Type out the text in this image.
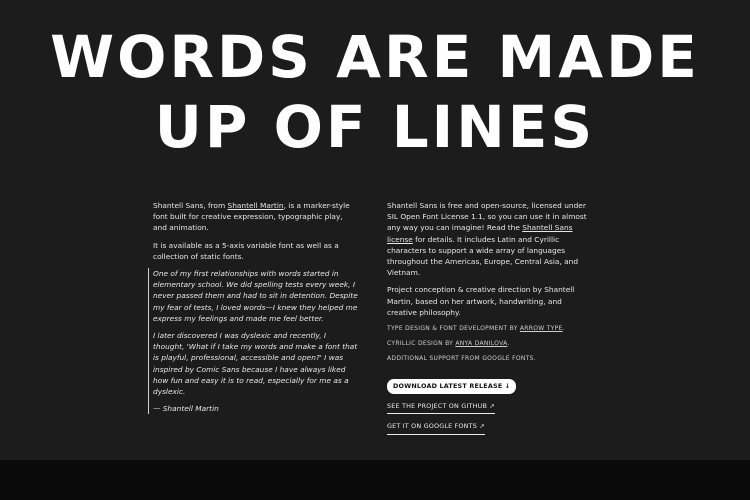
WORDS ARE MADE
UP OF LINES

Shantell Sans, from Shantell Martin, is a marker-style font built for creative expression, typographic play, and animation.

It is available as a 5-axis variable font as well as a collection of static fonts.

One of my first relationships with words started in elementary school. We did spelling tests every week, I never passed them and had to sit in detention. Despite my fear of tests, I loved words—I knew they helped me express my feelings and made me feel better.

I later discovered I was dyslexic and recently, I thought, 'What if I take my words and make a font that is playful, professional, accessible and open?' I was inspired by Comic Sans because I have always liked how fun and easy it is to read, especially for me as a dyslexic.

— Shantell Martin

Shantell Sans is free and open-source, licensed under SIL Open Font License 1.1, so you can use it in almost any way you can imagine! Read the Shantell Sans license for details. It includes Latin and Cyrillic characters to support a wide array of languages throughout the Americas, Europe, Central Asia, and Vietnam.

Project conception & creative direction by Shantell Martin, based on her artwork, handwriting, and creative philosophy.

TYPE DESIGN & FONT DEVELOPMENT BY ARROW TYPE.
CYRILLIC DESIGN BY ANYA DANILOVA.
ADDITIONAL SUPPORT FROM GOOGLE FONTS.
DOWNLOAD LATEST RELEASE ↓
SEE THE PROJECT ON GITHUB ↗
GET IT ON GOOGLE FONTS ↗
